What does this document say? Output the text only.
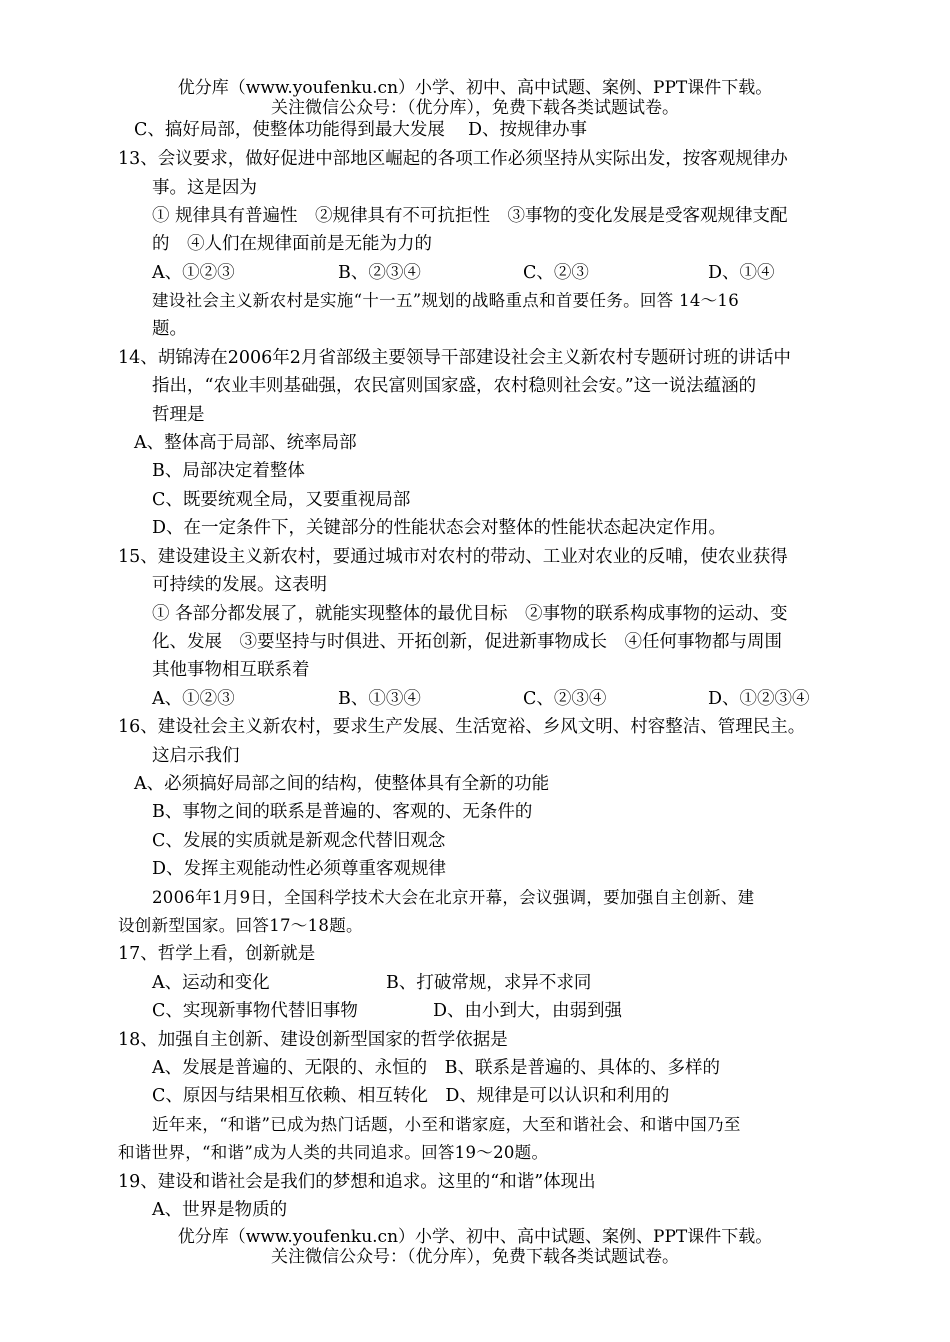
优分库（www.youfenku.cn）小学、初中、高中试题、案例、PPT课件下载。
关注微信公众号：（优分库），免费下载各类试题试卷。
C、搞好局部，使整体功能得到最大发展　 D、按规律办事
13、会议要求，做好促进中部地区崛起的各项工作必须坚持从实际出发，按客观规律办
事。这是因为
① 规律具有普遍性　②规律具有不可抗拒性　③事物的变化发展是受客观规律支配
的　④人们在规律面前是无能为力的
A、①②③	B、②③④	C、②③	D、①④
建设社会主义新农村是实施“十一五”规划的战略重点和首要任务。回答 14～16
题。
14、胡锦涛在2006年2月省部级主要领导干部建设社会主义新农村专题研讨班的讲话中
指出，“农业丰则基础强，农民富则国家盛，农村稳则社会安。”这一说法蕴涵的
哲理是
A、整体高于局部、统率局部
B、局部决定着整体
C、既要统观全局，又要重视局部
D、在一定条件下，关键部分的性能状态会对整体的性能状态起决定作用。
15、建设建设主义新农村，要通过城市对农村的带动、工业对农业的反哺，使农业获得
可持续的发展。这表明
① 各部分都发展了，就能实现整体的最优目标　②事物的联系构成事物的运动、变
化、发展　③要坚持与时俱进、开拓创新，促进新事物成长　④任何事物都与周围
其他事物相互联系着
A、①②③	B、①③④	C、②③④	D、①②③④
16、建设社会主义新农村，要求生产发展、生活宽裕、乡风文明、村容整洁、管理民主。
这启示我们
A、必须搞好局部之间的结构，使整体具有全新的功能
B、事物之间的联系是普遍的、客观的、无条件的
C、发展的实质就是新观念代替旧观念
D、发挥主观能动性必须尊重客观规律
2006年1月9日，全国科学技术大会在北京开幕，会议强调，要加强自主创新、建
设创新型国家。回答17～18题。
17、哲学上看，创新就是
A、运动和变化	B、打破常规，求异不求同
C、实现新事物代替旧事物	D、由小到大，由弱到强
18、加强自主创新、建设创新型国家的哲学依据是
A、发展是普遍的、无限的、永恒的　B、联系是普遍的、具体的、多样的
C、原因与结果相互依赖、相互转化　D、规律是可以认识和利用的
近年来，“和谐”已成为热门话题，小至和谐家庭，大至和谐社会、和谐中国乃至
和谐世界，“和谐”成为人类的共同追求。回答19～20题。
19、建设和谐社会是我们的梦想和追求。这里的“和谐”体现出
A、世界是物质的
优分库（www.youfenku.cn）小学、初中、高中试题、案例、PPT课件下载。
关注微信公众号：（优分库），免费下载各类试题试卷。
